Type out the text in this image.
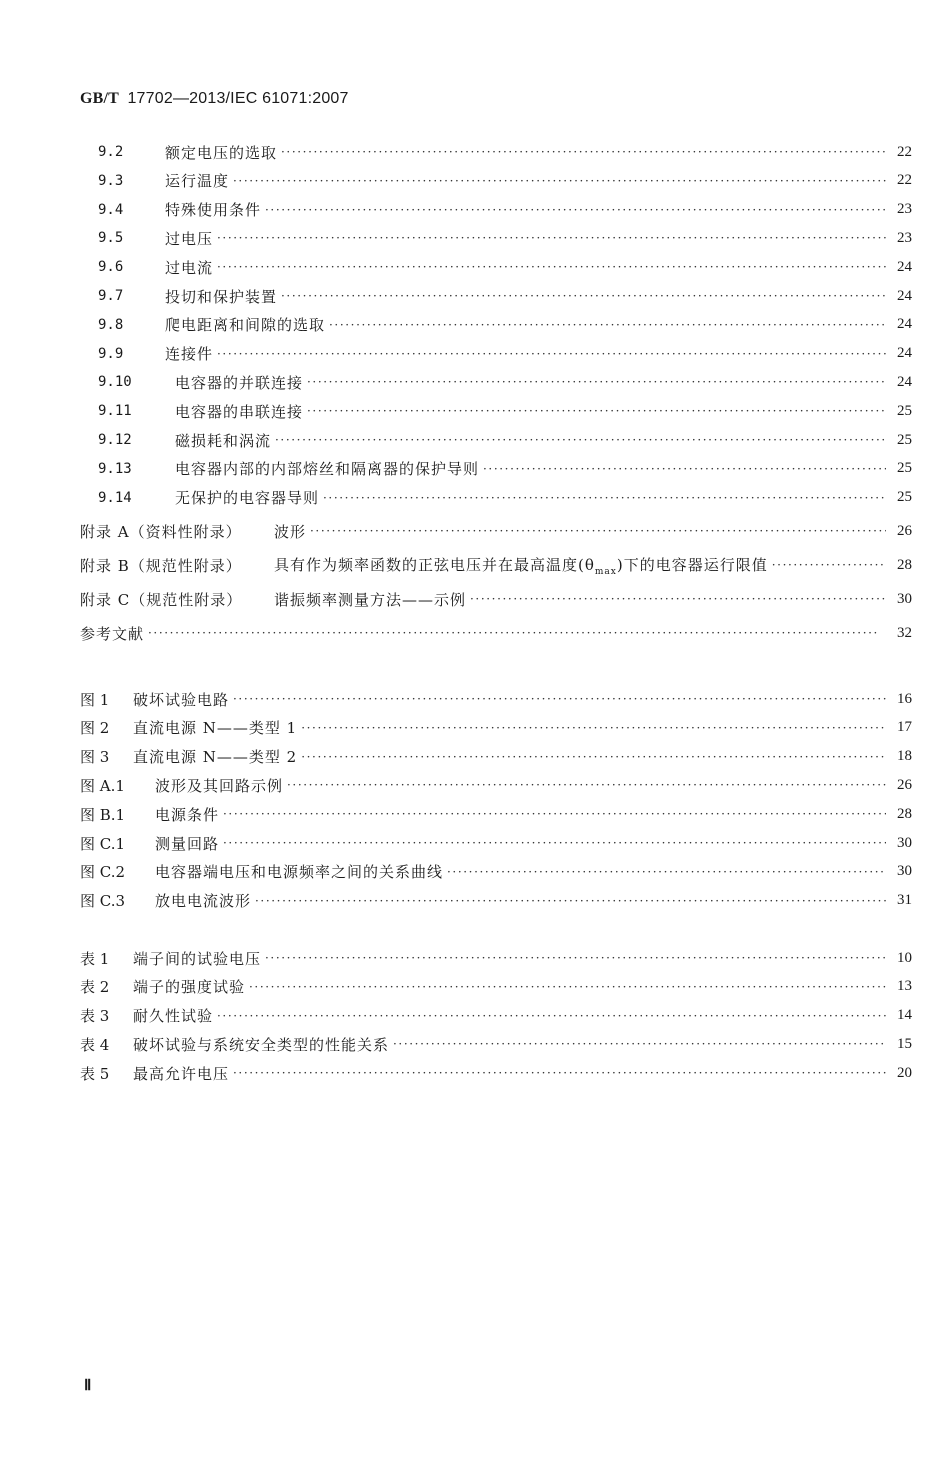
GB/T 17702—2013/IEC 61071:2007
9.2	额定电压的选取 ·····	22
9.3	运行温度 ·····	22
9.4	特殊使用条件 ·····	23
9.5	过电压 ·····	23
9.6	过电流 ·····	24
9.7	投切和保护装置 ·····	24
9.8	爬电距离和间隙的选取 ·····	24
9.9	连接件 ·····	24
9.10	电容器的并联连接 ·····	24
9.11	电容器的串联连接 ·····	25
9.12	磁损耗和涡流 ·····	25
9.13	电容器内部的内部熔丝和隔离器的保护导则 ·····	25
9.14	无保护的电容器导则 ·····	25
附录 A（资料性附录）	波形 ·····	26
附录 B（规范性附录）	具有作为频率函数的正弦电压并在最高温度$(\theta_{max})$下的电容器运行限值 ·····	28
附录 C（规范性附录）	谐振频率测量方法——示例 ·····	30
参考文献 ·····	32
图 1	破坏试验电路 ·····	16
图 2	直流电源 N——类型 1 ·····	17
图 3	直流电源 N——类型 2 ·····	18
图 A.1	波形及其回路示例 ·····	26
图 B.1	电源条件 ·····	28
图 C.1	测量回路 ·····	30
图 C.2	电容器端电压和电源频率之间的关系曲线 ·····	30
图 C.3	放电电流波形 ·····	31
表 1	端子间的试验电压 ·····	10
表 2	端子的强度试验 ·····	13
表 3	耐久性试验 ·····	14
表 4	破坏试验与系统安全类型的性能关系 ·····	15
表 5	最高允许电压 ·····	20
Ⅱ
